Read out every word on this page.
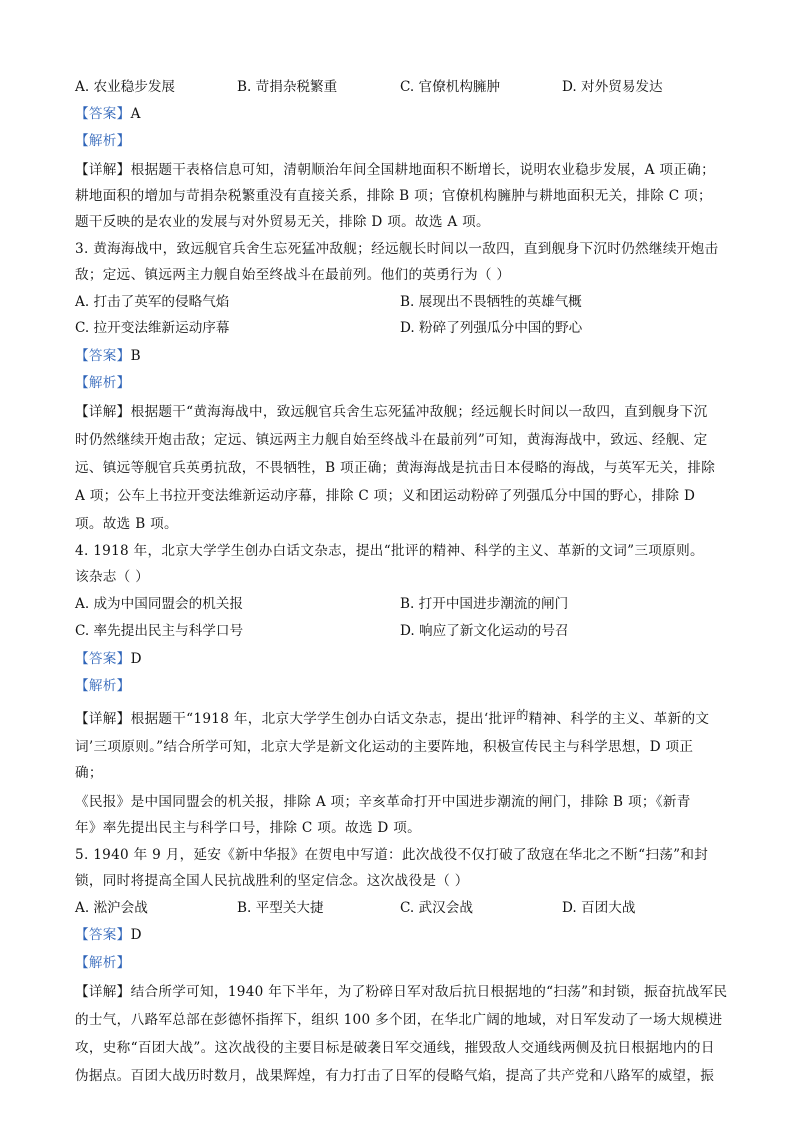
A. 农业稳步发展	B. 苛捐杂税繁重	C. 官僚机构臃肿	D. 对外贸易发达
【答案】A
【解析】
【详解】根据题干表格信息可知，清朝顺治年间全国耕地面积不断增长，说明农业稳步发展，A 项正确；
耕地面积的增加与苛捐杂税繁重没有直接关系，排除 B 项；官僚机构臃肿与耕地面积无关，排除 C 项；
题干反映的是农业的发展与对外贸易无关，排除 D 项。故选 A 项。
3. 黄海海战中，致远舰官兵舍生忘死猛冲敌舰；经远舰长时间以一敌四，直到舰身下沉时仍然继续开炮击
敌；定远、镇远两主力舰自始至终战斗在最前列。他们的英勇行为（ ）
A. 打击了英军的侵略气焰	B. 展现出不畏牺牲的英雄气概
C. 拉开变法维新运动序幕	D. 粉碎了列强瓜分中国的野心
【答案】B
【解析】
【详解】根据题干“黄海海战中，致远舰官兵舍生忘死猛冲敌舰；经远舰长时间以一敌四，直到舰身下沉
时仍然继续开炮击敌；定远、镇远两主力舰自始至终战斗在最前列”可知，黄海海战中，致远、经舰、定
远、镇远等舰官兵英勇抗敌，不畏牺牲，B 项正确；黄海海战是抗击日本侵略的海战，与英军无关，排除
A 项；公车上书拉开变法维新运动序幕，排除 C 项；义和团运动粉碎了列强瓜分中国的野心，排除 D
项。故选 B 项。
4. 1918 年，北京大学学生创办白话文杂志，提出“批评的精神、科学的主义、革新的文词”三项原则。
该杂志（ ）
A. 成为中国同盟会的机关报	B. 打开中国进步潮流的闸门
C. 率先提出民主与科学口号	D. 响应了新文化运动的号召
【答案】D
【解析】
【详解】根据题干“1918 年，北京大学学生创办白话文杂志，提出‘批评的精神、科学的主义、革新的文
词’三项原则。”结合所学可知，北京大学是新文化运动的主要阵地，积极宣传民主与科学思想，D 项正
确；
《民报》是中国同盟会的机关报，排除 A 项；辛亥革命打开中国进步潮流的闸门，排除 B 项；《新青
年》率先提出民主与科学口号，排除 C 项。故选 D 项。
5. 1940 年 9 月，延安《新中华报》在贺电中写道：此次战役不仅打破了敌寇在华北之不断“扫荡”和封
锁，同时将提高全国人民抗战胜利的坚定信念。这次战役是（ ）
A. 淞沪会战	B. 平型关大捷	C. 武汉会战	D. 百团大战
【答案】D
【解析】
【详解】结合所学可知，1940 年下半年，为了粉碎日军对敌后抗日根据地的“扫荡”和封锁，振奋抗战军民
的士气，八路军总部在彭德怀指挥下，组织 100 多个团，在华北广阔的地域，对日军发动了一场大规模进
攻，史称“百团大战”。这次战役的主要目标是破袭日军交通线，摧毁敌人交通线两侧及抗日根据地内的日
伪据点。百团大战历时数月，战果辉煌，有力打击了日军的侵略气焰，提高了共产党和八路军的威望，振
